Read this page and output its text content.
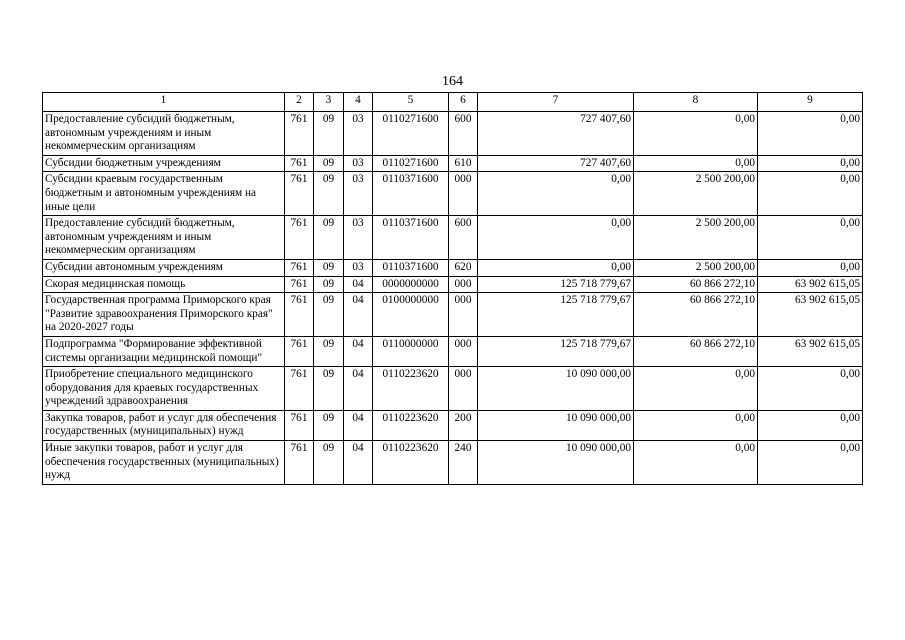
164
1	2	3	4	5	6	7	8	9
Предоставление субсидий бюджетным, автономным учреждениям и иным некоммерческим организациям	761	09	03	0110271600	600	727 407,60	0,00	0,00
Субсидии бюджетным учреждениям	761	09	03	0110271600	610	727 407,60	0,00	0,00
Субсидии краевым государственным бюджетным и автономным учреждениям на иные цели	761	09	03	0110371600	000	0,00	2 500 200,00	0,00
Предоставление субсидий бюджетным, автономным учреждениям и иным некоммерческим организациям	761	09	03	0110371600	600	0,00	2 500 200,00	0,00
Субсидии автономным учреждениям	761	09	03	0110371600	620	0,00	2 500 200,00	0,00
Скорая медицинская помощь	761	09	04	0000000000	000	125 718 779,67	60 866 272,10	63 902 615,05
Государственная программа Приморского края "Развитие здравоохранения Приморского края" на 2020-2027 годы	761	09	04	0100000000	000	125 718 779,67	60 866 272,10	63 902 615,05
Подпрограмма "Формирование эффективной системы организации медицинской помощи"	761	09	04	0110000000	000	125 718 779,67	60 866 272,10	63 902 615,05
Приобретение специального медицинского оборудования для краевых государственных учреждений здравоохранения	761	09	04	0110223620	000	10 090 000,00	0,00	0,00
Закупка товаров, работ и услуг для обеспечения государственных (муниципальных) нужд	761	09	04	0110223620	200	10 090 000,00	0,00	0,00
Иные закупки товаров, работ и услуг для обеспечения государственных (муниципальных) нужд	761	09	04	0110223620	240	10 090 000,00	0,00	0,00
